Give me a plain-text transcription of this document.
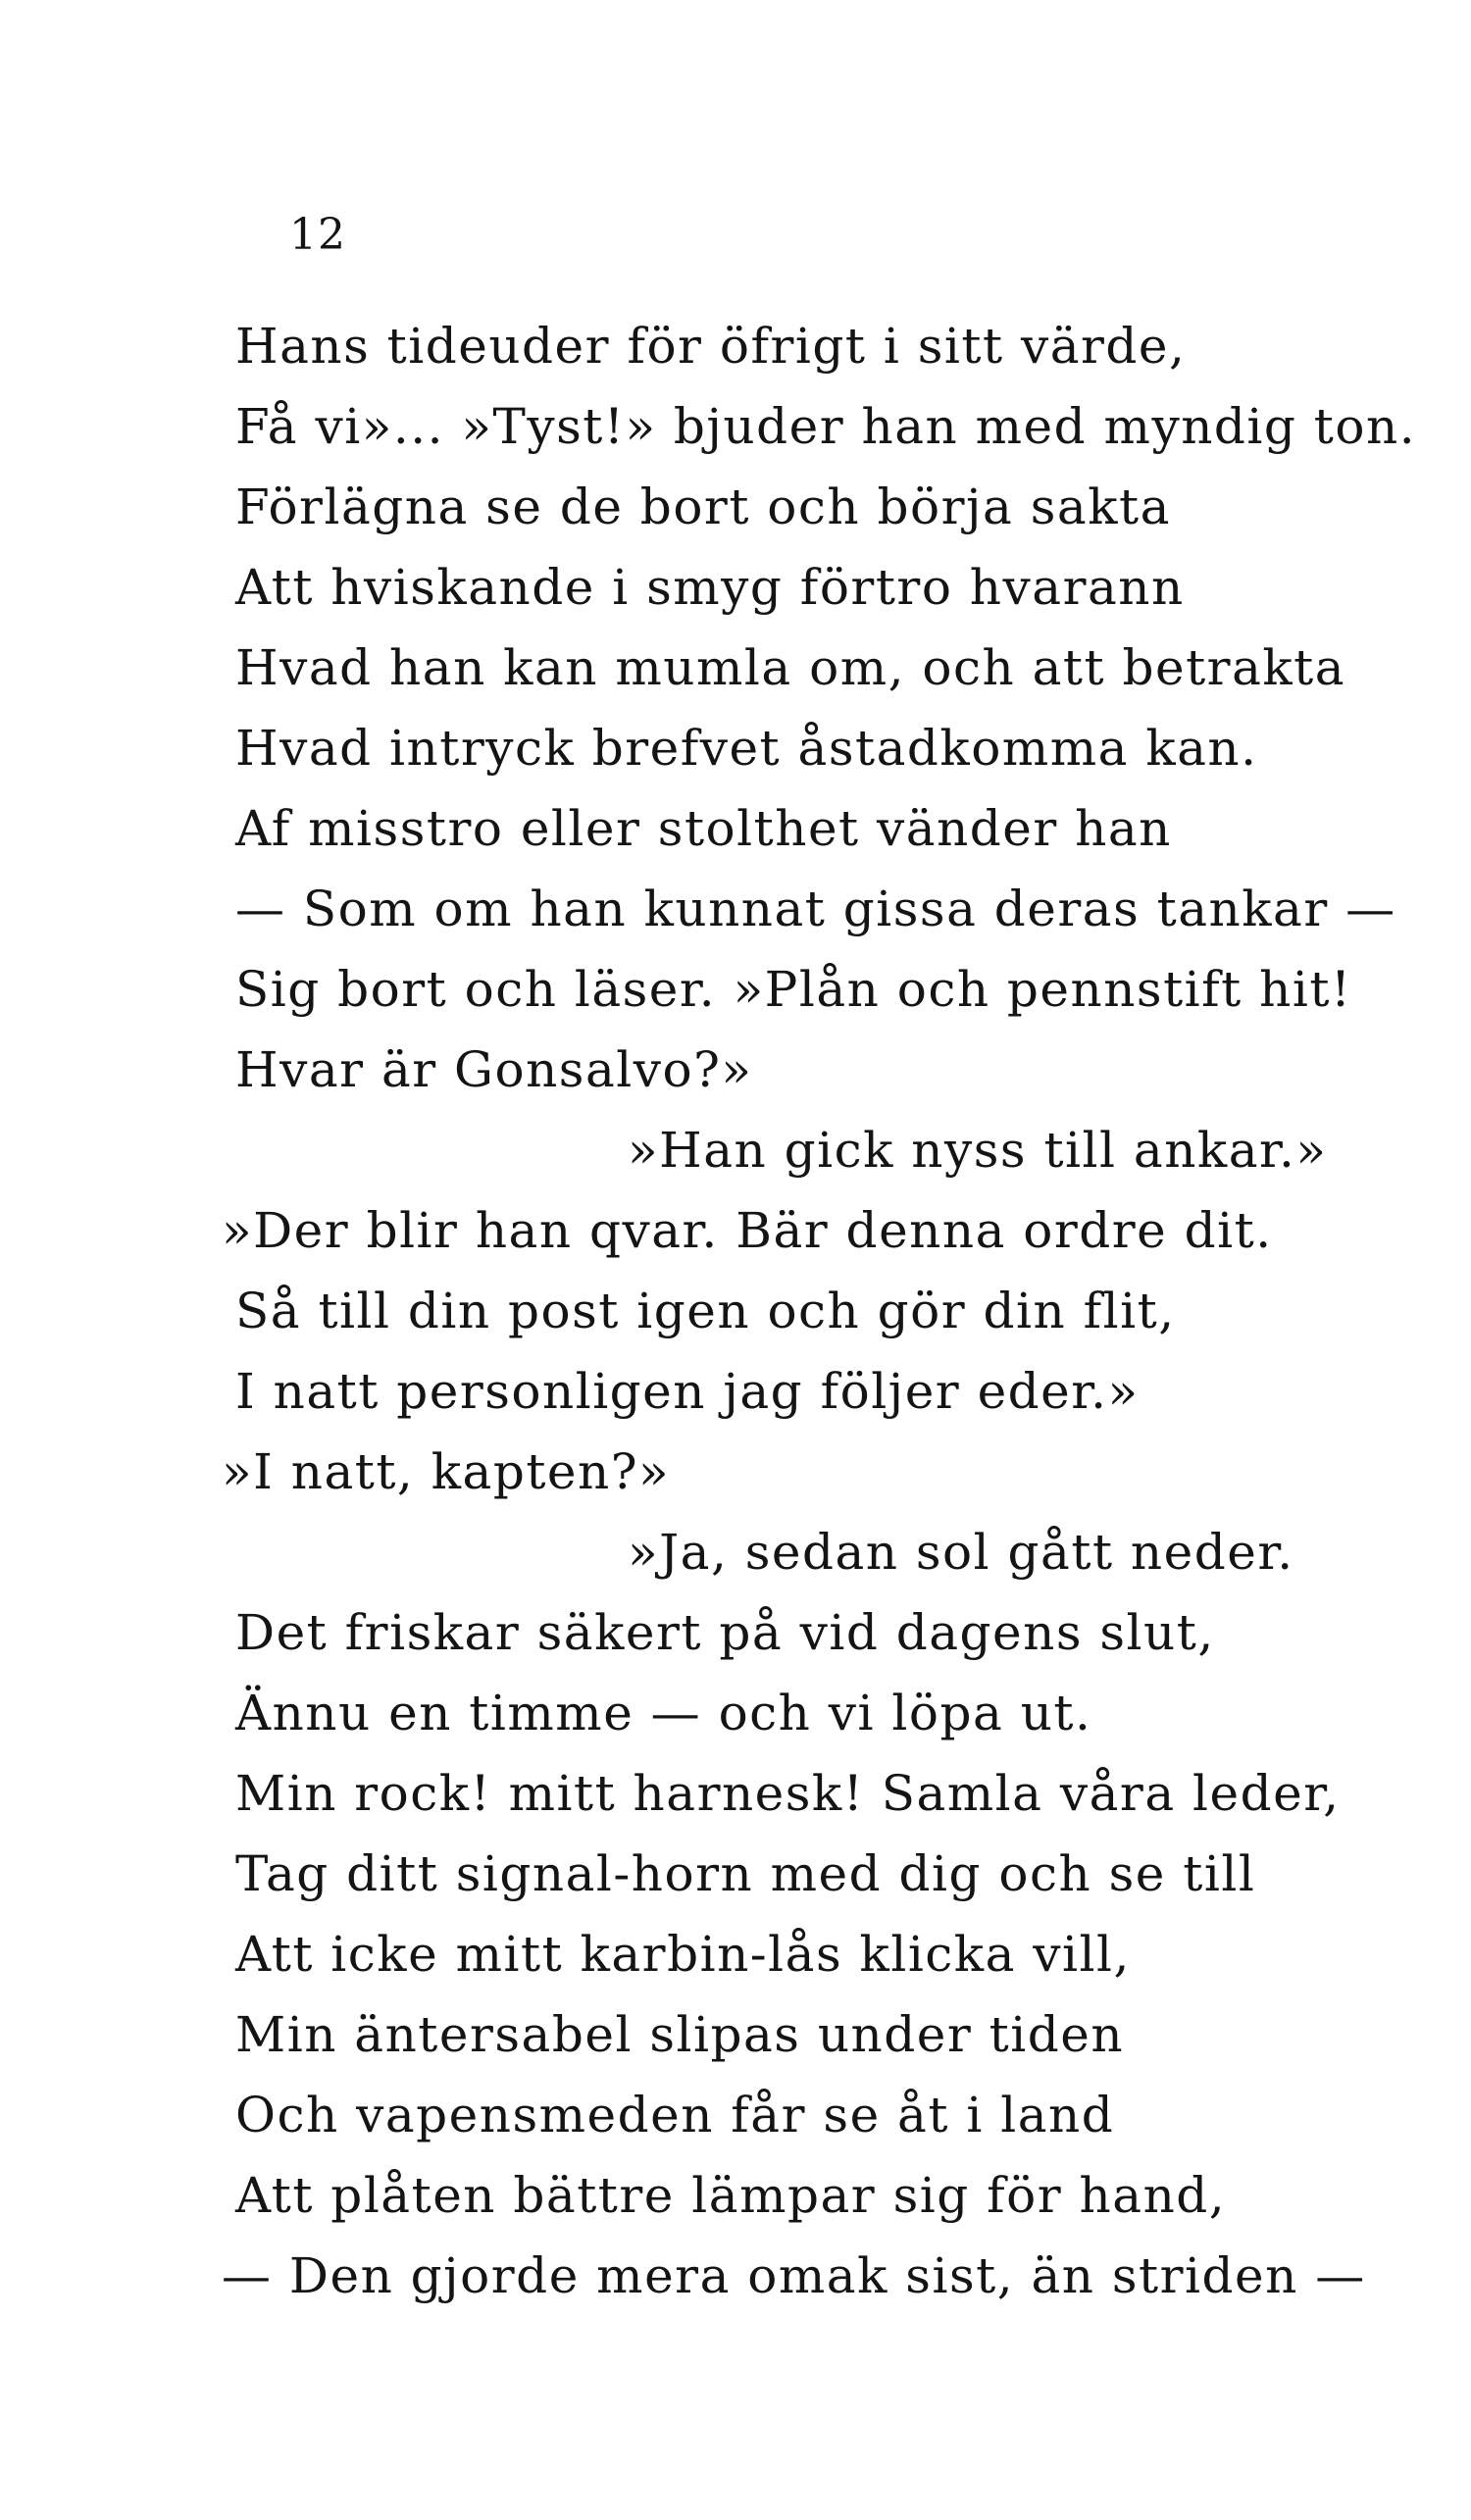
12
Hans tideuder för öfrigt i sitt värde,
Få vi»... »Tyst!» bjuder han med myndig ton.
Förlägna se de bort och börja sakta
Att hviskande i smyg förtro hvarann
Hvad han kan mumla om, och att betrakta
Hvad intryck brefvet åstadkomma kan.
Af misstro eller stolthet vänder han
— Som om han kunnat gissa deras tankar —
Sig bort och läser. »Plån och pennstift hit!
Hvar är Gonsalvo?»
»Han gick nyss till ankar.»
»Der blir han qvar. Bär denna ordre dit.
Så till din post igen och gör din flit,
I natt personligen jag följer eder.»
»I natt, kapten?»
»Ja, sedan sol gått neder.
Det friskar säkert på vid dagens slut,
Ännu en timme — och vi löpa ut.
Min rock! mitt harnesk! Samla våra leder,
Tag ditt signal-horn med dig och se till
Att icke mitt karbin-lås klicka vill,
Min äntersabel slipas under tiden
Och vapensmeden får se åt i land
Att plåten bättre lämpar sig för hand,
— Den gjorde mera omak sist, än striden —
